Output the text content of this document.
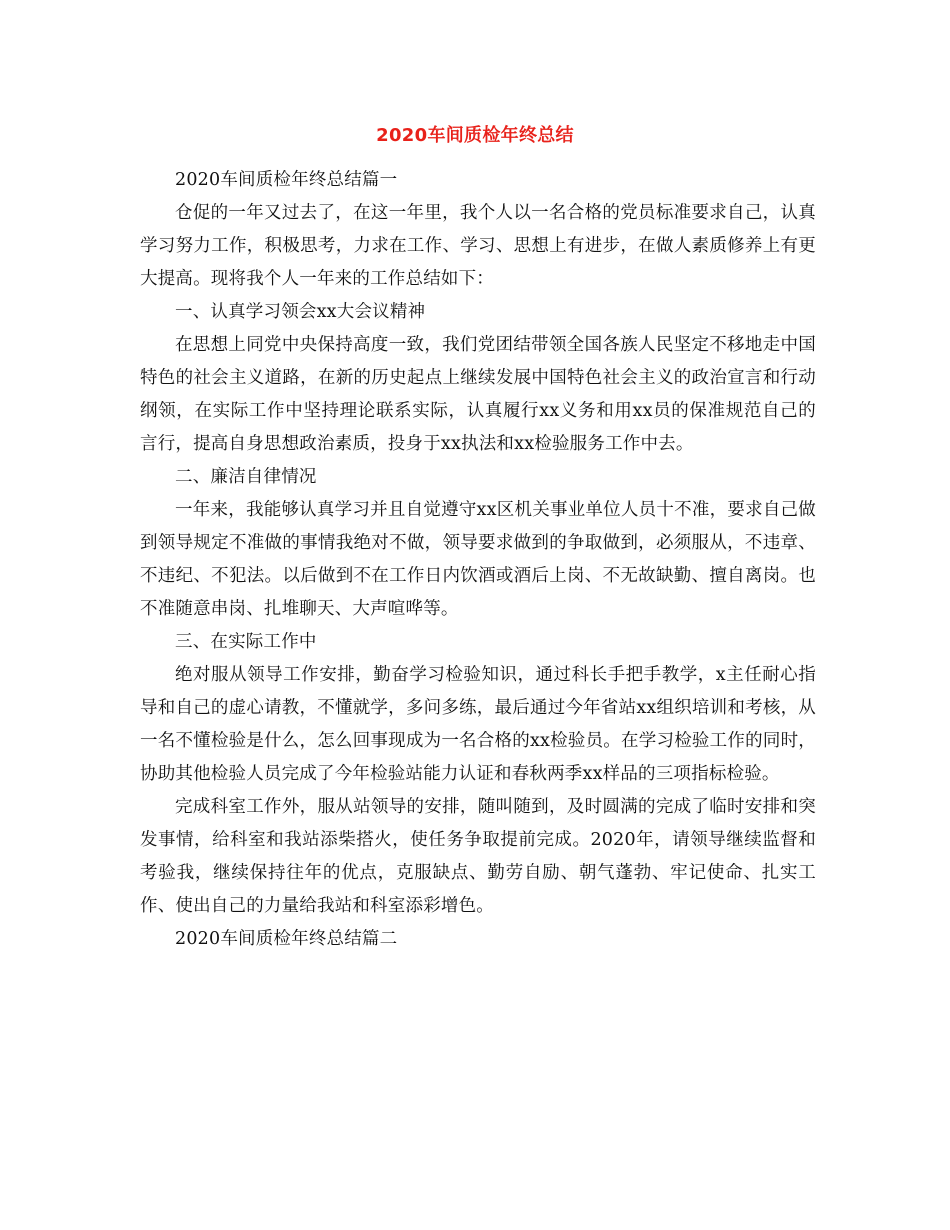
2020车间质检年终总结

2020车间质检年终总结篇一

仓促的一年又过去了，在这一年里，我个人以一名合格的党员标准要求自己，认真学习努力工作，积极思考，力求在工作、学习、思想上有进步，在做人素质修养上有更大提高。现将我个人一年来的工作总结如下：

一、认真学习领会xx大会议精神

在思想上同党中央保持高度一致，我们党团结带领全国各族人民坚定不移地走中国特色的社会主义道路，在新的历史起点上继续发展中国特色社会主义的政治宣言和行动纲领，在实际工作中坚持理论联系实际，认真履行xx义务和用xx员的保准规范自己的言行，提高自身思想政治素质，投身于xx执法和xx检验服务工作中去。

二、廉洁自律情况

一年来，我能够认真学习并且自觉遵守xx区机关事业单位人员十不准，要求自己做到领导规定不准做的事情我绝对不做，领导要求做到的争取做到，必须服从，不违章、不违纪、不犯法。以后做到不在工作日内饮酒或酒后上岗、不无故缺勤、擅自离岗。也不准随意串岗、扎堆聊天、大声喧哗等。

三、在实际工作中

绝对服从领导工作安排，勤奋学习检验知识，通过科长手把手教学，x主任耐心指导和自己的虚心请教，不懂就学，多问多练，最后通过今年省站xx组织培训和考核，从一名不懂检验是什么，怎么回事现成为一名合格的xx检验员。在学习检验工作的同时，协助其他检验人员完成了今年检验站能力认证和春秋两季xx样品的三项指标检验。

完成科室工作外，服从站领导的安排，随叫随到，及时圆满的完成了临时安排和突发事情，给科室和我站添柴搭火，使任务争取提前完成。2020年，请领导继续监督和考验我，继续保持往年的优点，克服缺点、勤劳自励、朝气蓬勃、牢记使命、扎实工作、使出自己的力量给我站和科室添彩增色。

2020车间质检年终总结篇二
